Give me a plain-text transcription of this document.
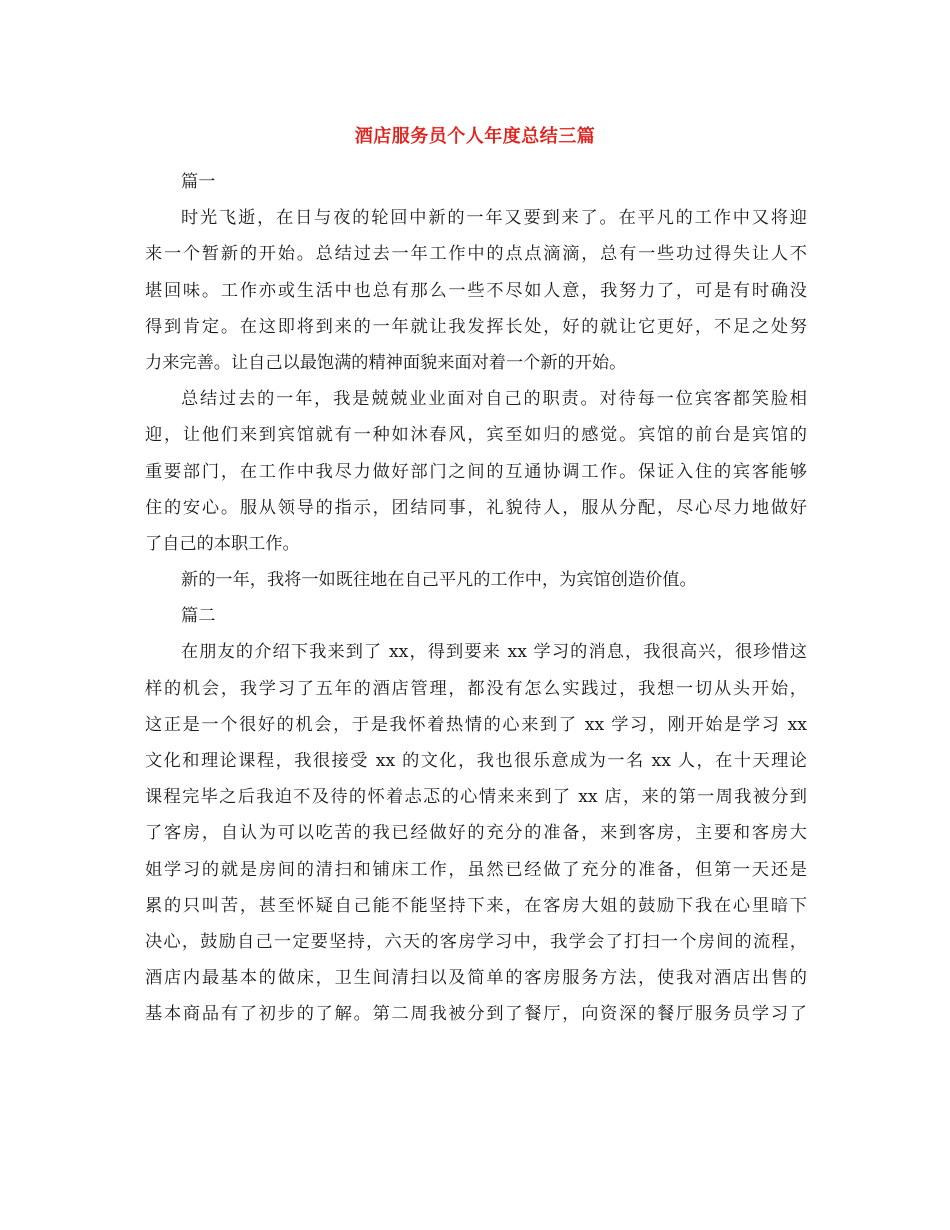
酒店服务员个人年度总结三篇
篇一
时光飞逝，在日与夜的轮回中新的一年又要到来了。在平凡的工作中又将迎
来一个暂新的开始。总结过去一年工作中的点点滴滴，总有一些功过得失让人不
堪回味。工作亦或生活中也总有那么一些不尽如人意，我努力了，可是有时确没
得到肯定。在这即将到来的一年就让我发挥长处，好的就让它更好，不足之处努
力来完善。让自己以最饱满的精神面貌来面对着一个新的开始。
总结过去的一年，我是兢兢业业面对自己的职责。对待每一位宾客都笑脸相
迎，让他们来到宾馆就有一种如沐春风，宾至如归的感觉。宾馆的前台是宾馆的
重要部门，在工作中我尽力做好部门之间的互通协调工作。保证入住的宾客能够
住的安心。服从领导的指示，团结同事，礼貌待人，服从分配，尽心尽力地做好
了自己的本职工作。
新的一年，我将一如既往地在自己平凡的工作中，为宾馆创造价值。
篇二
在朋友的介绍下我来到了 xx，得到要来 xx 学习的消息，我很高兴，很珍惜这
样的机会，我学习了五年的酒店管理，都没有怎么实践过，我想一切从头开始，
这正是一个很好的机会，于是我怀着热情的心来到了 xx 学习，刚开始是学习 xx
文化和理论课程，我很接受 xx 的文化，我也很乐意成为一名 xx 人，在十天理论
课程完毕之后我迫不及待的怀着忐忑的心情来来到了 xx 店，来的第一周我被分到
了客房，自认为可以吃苦的我已经做好的充分的准备，来到客房，主要和客房大
姐学习的就是房间的清扫和铺床工作，虽然已经做了充分的准备，但第一天还是
累的只叫苦，甚至怀疑自己能不能坚持下来，在客房大姐的鼓励下我在心里暗下
决心，鼓励自己一定要坚持，六天的客房学习中，我学会了打扫一个房间的流程，
酒店内最基本的做床，卫生间清扫以及简单的客房服务方法，使我对酒店出售的
基本商品有了初步的了解。第二周我被分到了餐厅，向资深的餐厅服务员学习了
